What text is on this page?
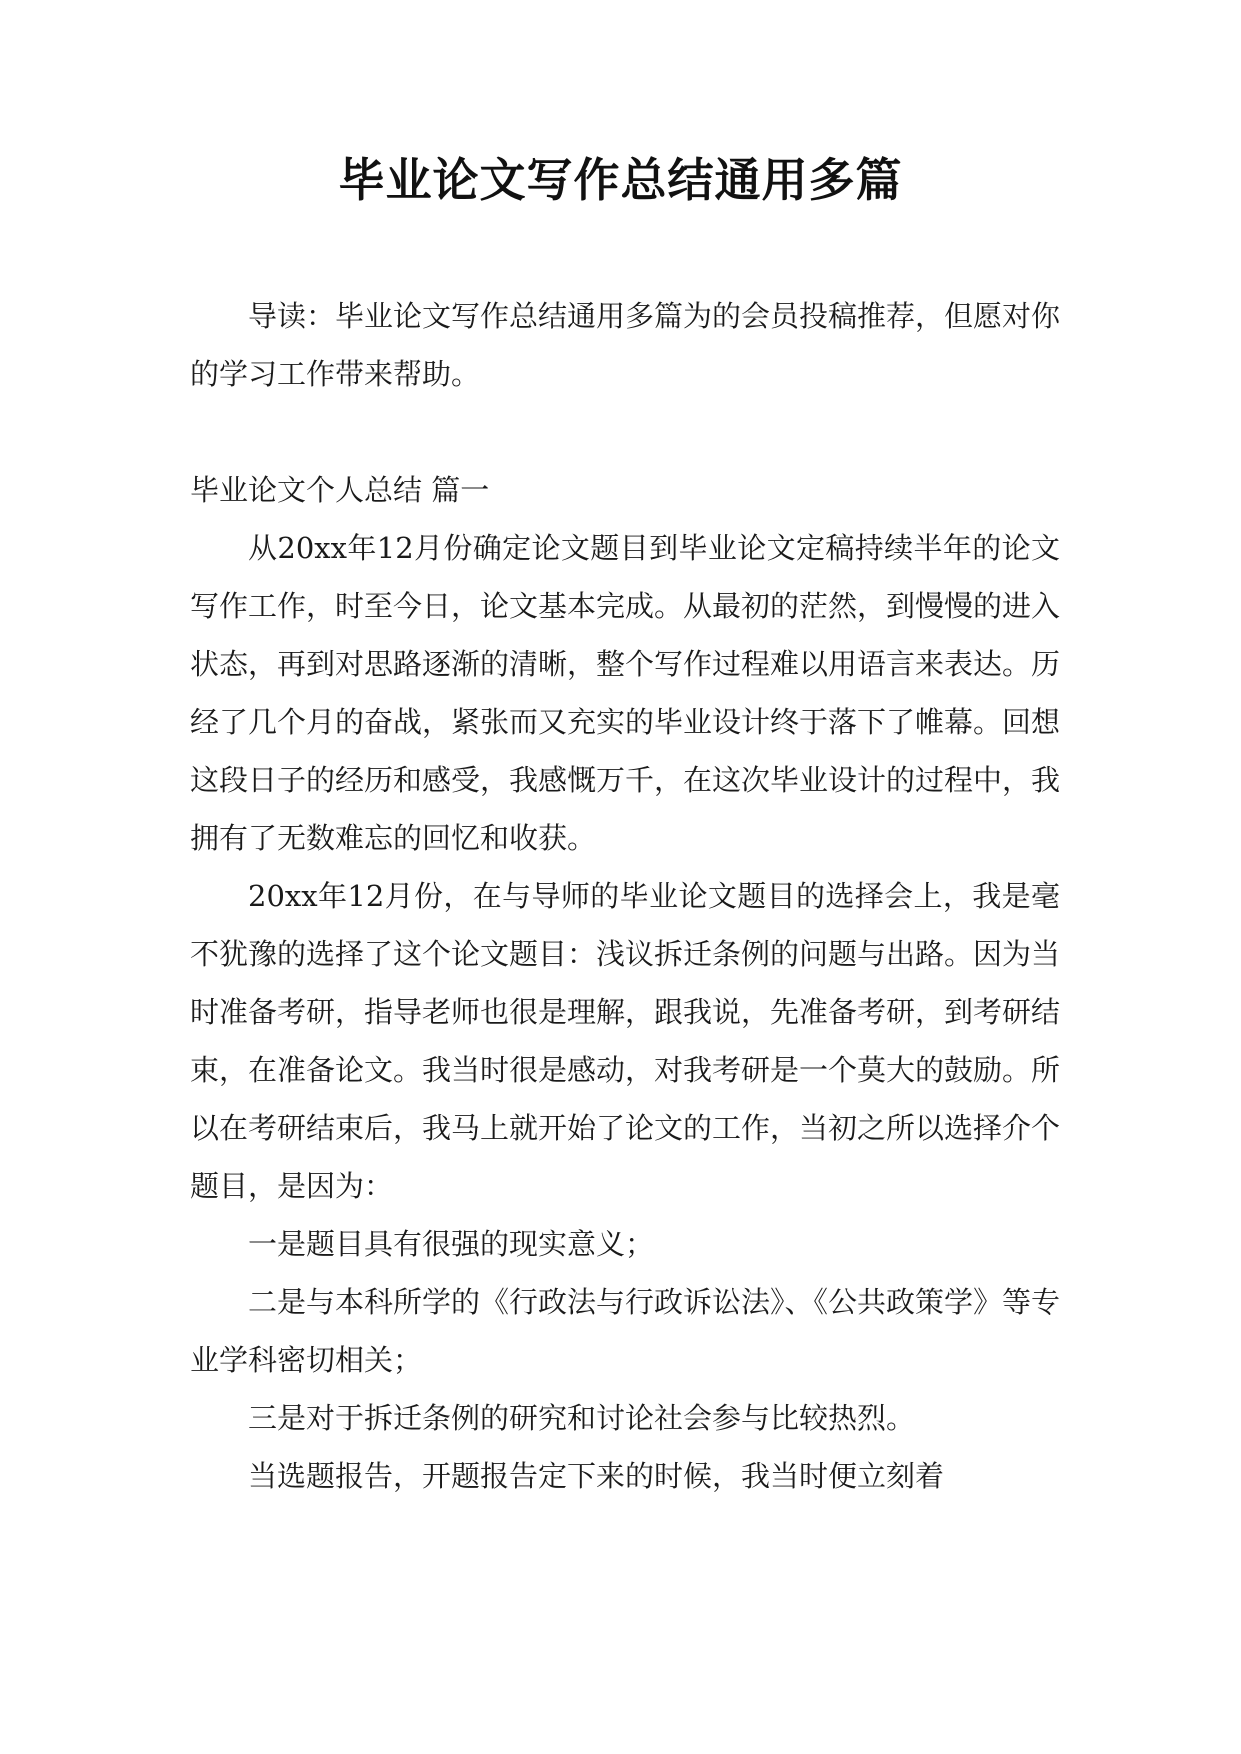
毕业论文写作总结通用多篇

导读：毕业论文写作总结通用多篇为的会员投稿推荐，但愿对你的学习工作带来帮助。

毕业论文个人总结 篇一

从20xx年12月份确定论文题目到毕业论文定稿持续半年的论文写作工作，时至今日，论文基本完成。从最初的茫然，到慢慢的进入状态，再到对思路逐渐的清晰，整个写作过程难以用语言来表达。历经了几个月的奋战，紧张而又充实的毕业设计终于落下了帷幕。回想这段日子的经历和感受，我感慨万千，在这次毕业设计的过程中，我拥有了无数难忘的回忆和收获。

20xx年12月份，在与导师的毕业论文题目的选择会上，我是毫不犹豫的选择了这个论文题目：浅议拆迁条例的问题与出路。因为当时准备考研，指导老师也很是理解，跟我说，先准备考研，到考研结束，在准备论文。我当时很是感动，对我考研是一个莫大的鼓励。所以在考研结束后，我马上就开始了论文的工作，当初之所以选择介个题目，是因为：

一是题目具有很强的现实意义；

二是与本科所学的《行政法与行政诉讼法》、《公共政策学》等专业学科密切相关；

三是对于拆迁条例的研究和讨论社会参与比较热烈。

当选题报告，开题报告定下来的时候，我当时便立刻着
